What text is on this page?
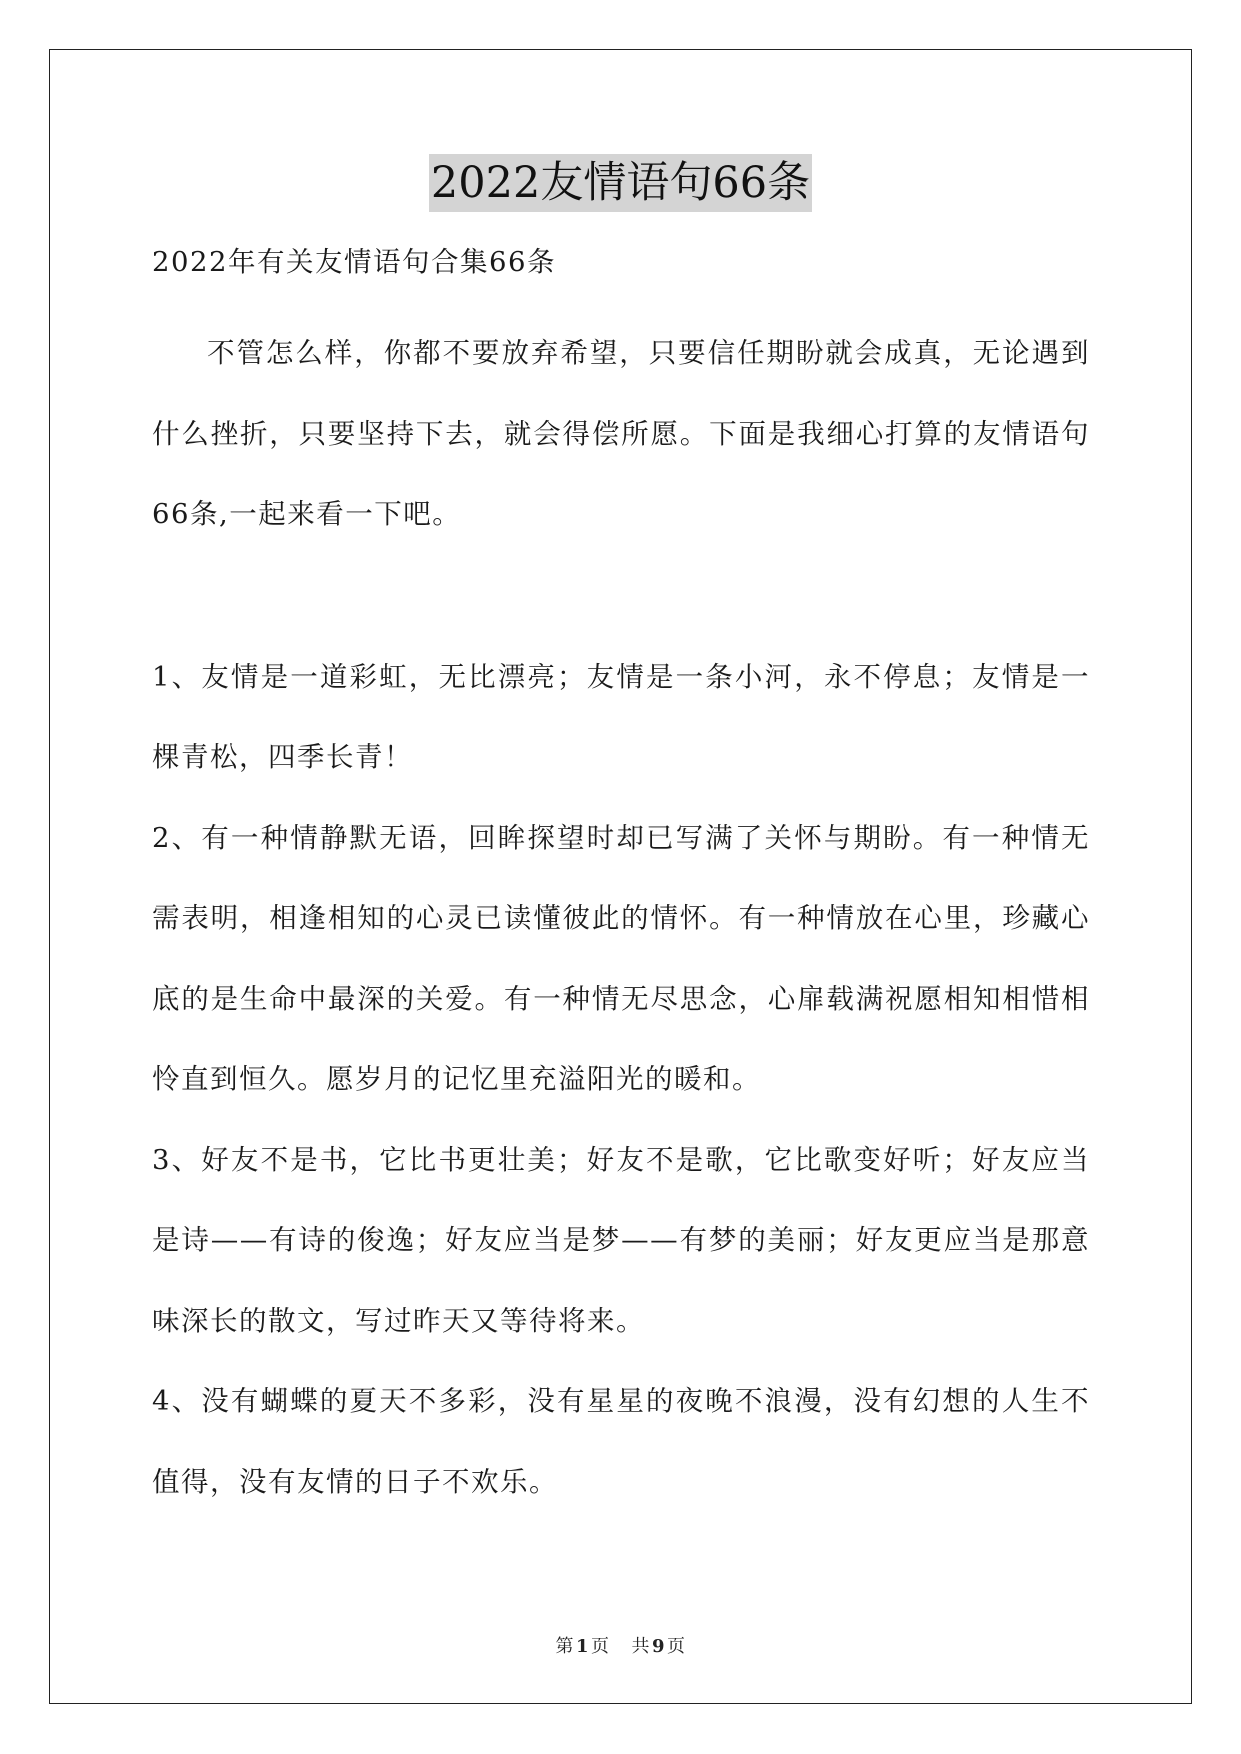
2022友情语句66条
2022年有关友情语句合集66条
不管怎么样，你都不要放弃希望，只要信任期盼就会成真，无论遇到什么挫折，只要坚持下去，就会得偿所愿。下面是我细心打算的友情语句66条,一起来看一下吧。

1、友情是一道彩虹，无比漂亮；友情是一条小河，永不停息；友情是一棵青松，四季长青！

2、有一种情静默无语，回眸探望时却已写满了关怀与期盼。有一种情无需表明，相逢相知的心灵已读懂彼此的情怀。有一种情放在心里，珍藏心底的是生命中最深的关爱。有一种情无尽思念，心扉载满祝愿相知相惜相怜直到恒久。愿岁月的记忆里充溢阳光的暖和。

3、好友不是书，它比书更壮美；好友不是歌，它比歌变好听；好友应当是诗——有诗的俊逸；好友应当是梦——有梦的美丽；好友更应当是那意味深长的散文，写过昨天又等待将来。

4、没有蝴蝶的夏天不多彩，没有星星的夜晚不浪漫，没有幻想的人生不值得，没有友情的日子不欢乐。

第 1 页 共 9 页
